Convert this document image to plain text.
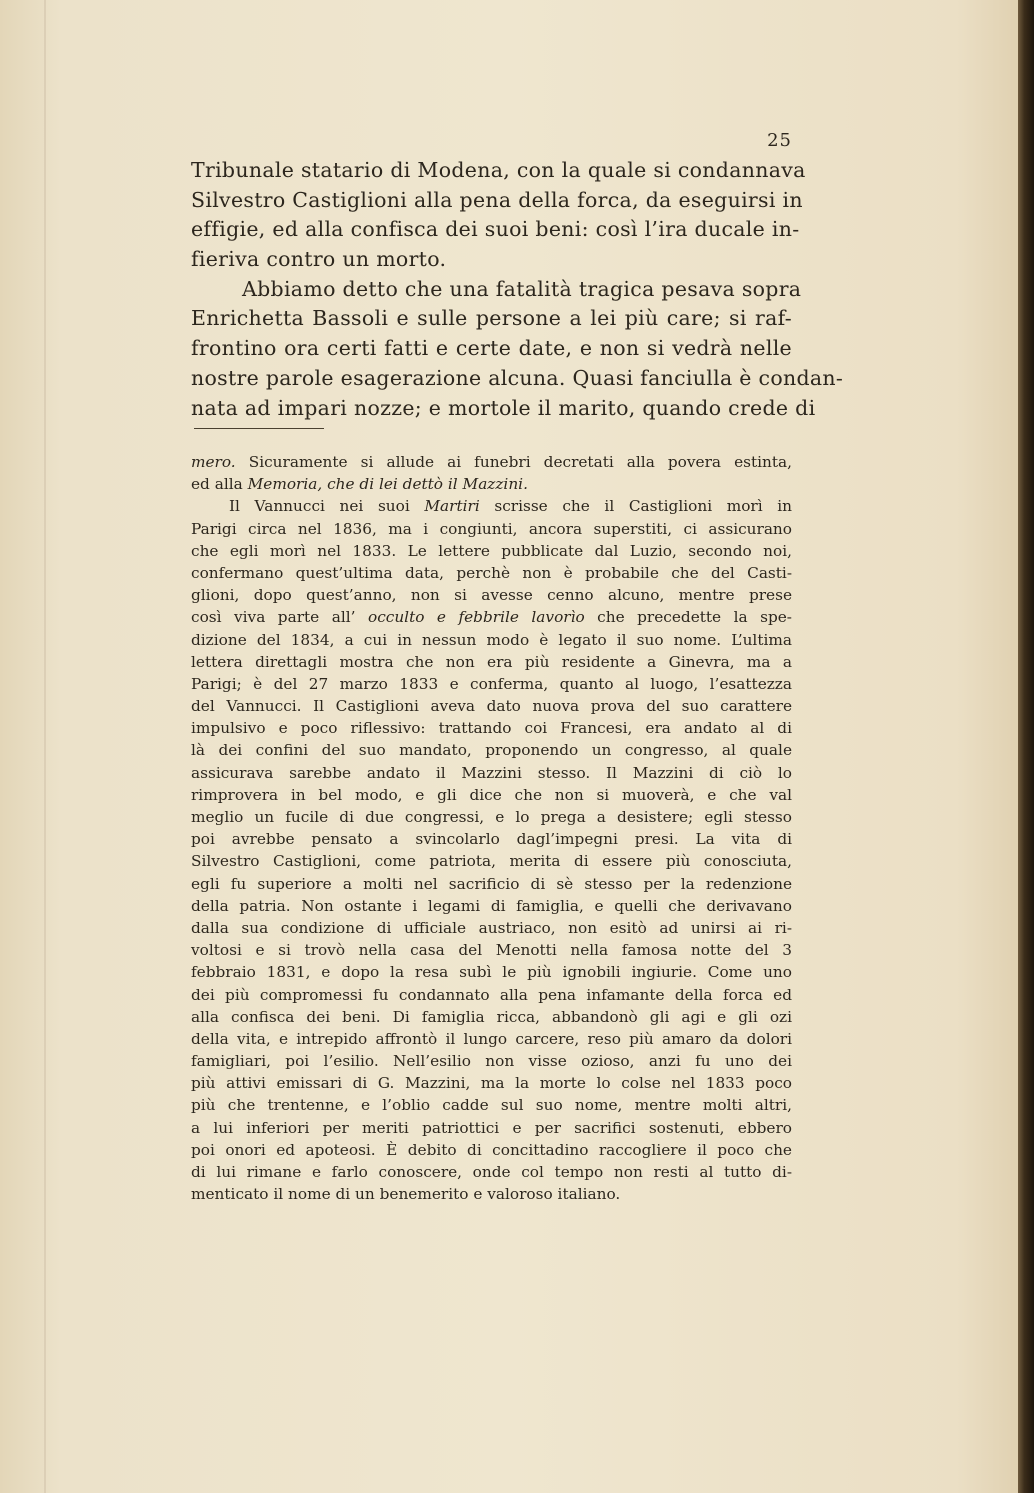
25
Tribunale statario di Modena, con la quale si condannava
Silvestro Castiglioni alla pena della forca, da eseguirsi in
effigie, ed alla confisca dei suoi beni: così l’ira ducale in-
fieriva contro un morto.
Abbiamo detto che una fatalità tragica pesava sopra
Enrichetta Bassoli e sulle persone a lei più care; si raf-
frontino ora certi fatti e certe date, e non si vedrà nelle
nostre parole esagerazione alcuna. Quasi fanciulla è condan-
nata ad impari nozze; e mortole il marito, quando crede di
mero. Sicuramente si allude ai funebri decretati alla povera estinta,
ed alla Memoria, che di lei dettò il Mazzini.
Il Vannucci nei suoi Martiri scrisse che il Castiglioni morì in
Parigi circa nel 1836, ma i congiunti, ancora superstiti, ci assicurano
che egli morì nel 1833. Le lettere pubblicate dal Luzio, secondo noi,
confermano quest’ultima data, perchè non è probabile che del Casti-
glioni, dopo quest’anno, non si avesse cenno alcuno, mentre prese
così viva parte all’ occulto e febbrile lavorìo che precedette la spe-
dizione del 1834, a cui in nessun modo è legato il suo nome. L’ultima
lettera direttagli mostra che non era più residente a Ginevra, ma a
Parigi; è del 27 marzo 1833 e conferma, quanto al luogo, l’esattezza
del Vannucci. Il Castiglioni aveva dato nuova prova del suo carattere
impulsivo e poco riflessivo: trattando coi Francesi, era andato al di
là dei confini del suo mandato, proponendo un congresso, al quale
assicurava sarebbe andato il Mazzini stesso. Il Mazzini di ciò lo
rimprovera in bel modo, e gli dice che non si muoverà, e che val
meglio un fucile di due congressi, e lo prega a desistere; egli stesso
poi avrebbe pensato a svincolarlo dagl’impegni presi. La vita di
Silvestro Castiglioni, come patriota, merita di essere più conosciuta,
egli fu superiore a molti nel sacrificio di sè stesso per la redenzione
della patria. Non ostante i legami di famiglia, e quelli che derivavano
dalla sua condizione di ufficiale austriaco, non esitò ad unirsi ai ri-
voltosi e si trovò nella casa del Menotti nella famosa notte del 3
febbraio 1831, e dopo la resa subì le più ignobili ingiurie. Come uno
dei più compromessi fu condannato alla pena infamante della forca ed
alla confisca dei beni. Di famiglia ricca, abbandonò gli agi e gli ozi
della vita, e intrepido affrontò il lungo carcere, reso più amaro da dolori
famigliari, poi l’esilio. Nell’esilio non visse ozioso, anzi fu uno dei
più attivi emissari di G. Mazzini, ma la morte lo colse nel 1833 poco
più che trentenne, e l’oblio cadde sul suo nome, mentre molti altri,
a lui inferiori per meriti patriottici e per sacrifici sostenuti, ebbero
poi onori ed apoteosi. È debito di concittadino raccogliere il poco che
di lui rimane e farlo conoscere, onde col tempo non resti al tutto di-
menticato il nome di un benemerito e valoroso italiano.
